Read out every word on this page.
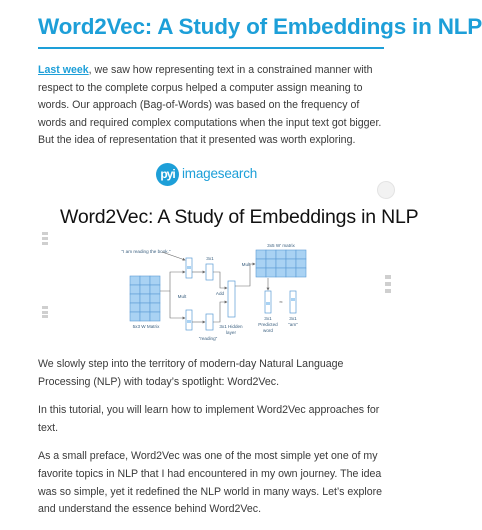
Word2Vec: A Study of Embeddings in NLP

Last week, we saw how representing text in a constrained manner with respect to the complete corpus helped a computer assign meaning to words. Our approach (Bag-of-Words) was based on the frequency of words and required complex computations when the input text got bigger. But the idea of representation that it presented was worth exploring.

pyi imagesearch
Word2Vec: A Study of Embeddings in NLP
"I am reading the book."
3x5 W' matrix
3x1
Mult
Mult
Add
5x3 W Matrix	3x1 Hidden
layer
3x1
Predicted
word
3x1
"am"
"reading"
≈

We slowly step into the territory of modern-day Natural Language Processing (NLP) with today’s spotlight: Word2Vec.

In this tutorial, you will learn how to implement Word2Vec approaches for text.

As a small preface, Word2Vec was one of the most simple yet one of my favorite topics in NLP that I had encountered in my own journey. The idea was so simple, yet it redefined the NLP world in many ways. Let’s explore and understand the essence behind Word2Vec.
